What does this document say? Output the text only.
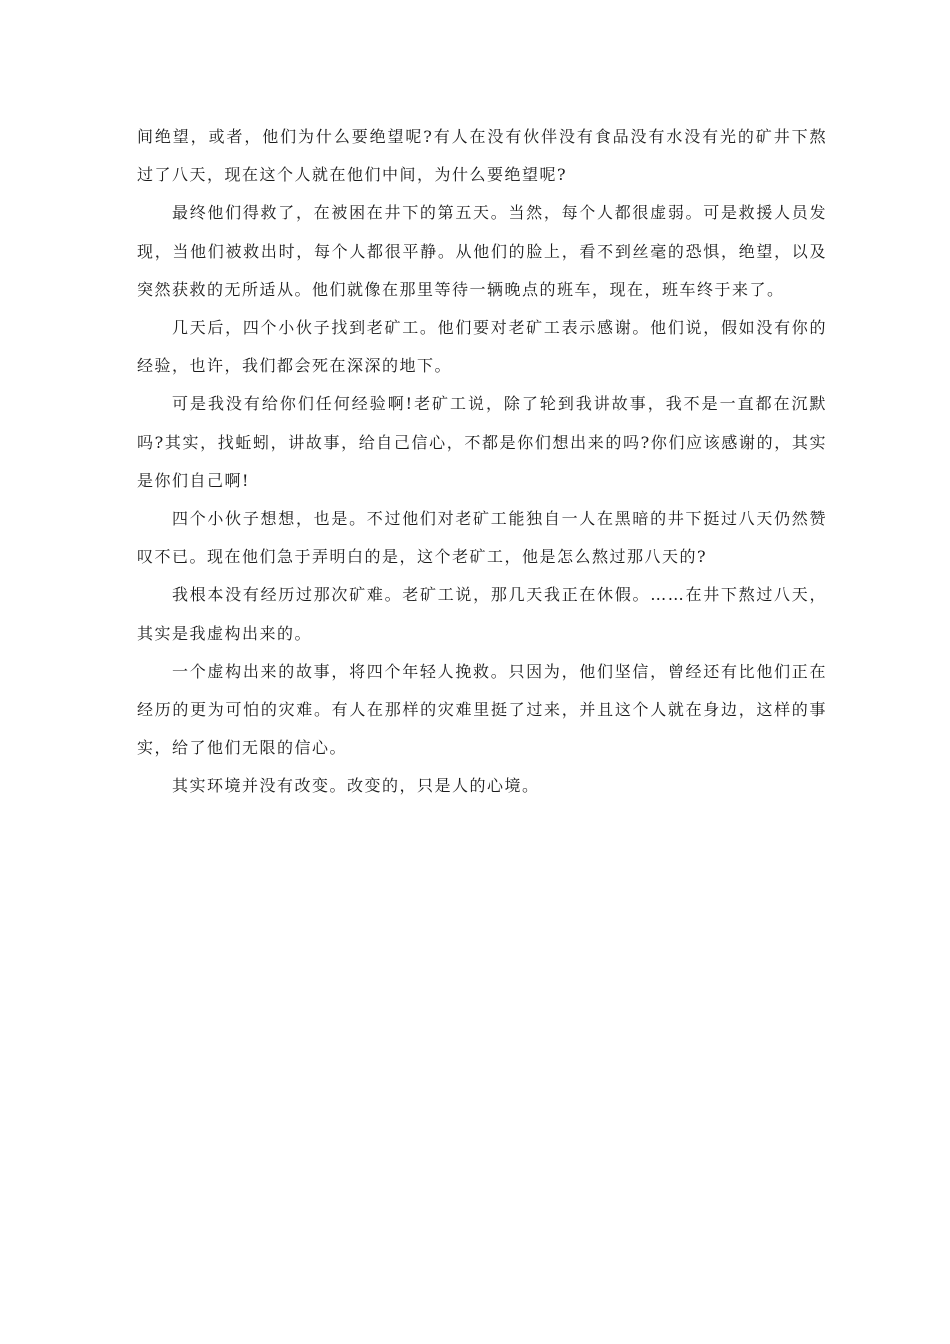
间绝望，或者，他们为什么要绝望呢?有人在没有伙伴没有食品没有水没有光的矿井下熬过了八天，现在这个人就在他们中间，为什么要绝望呢?

最终他们得救了，在被困在井下的第五天。当然，每个人都很虚弱。可是救援人员发现，当他们被救出时，每个人都很平静。从他们的脸上，看不到丝毫的恐惧，绝望，以及突然获救的无所适从。他们就像在那里等待一辆晚点的班车，现在，班车终于来了。

几天后，四个小伙子找到老矿工。他们要对老矿工表示感谢。他们说，假如没有你的经验，也许，我们都会死在深深的地下。

可是我没有给你们任何经验啊!老矿工说，除了轮到我讲故事，我不是一直都在沉默吗?其实，找蚯蚓，讲故事，给自己信心，不都是你们想出来的吗?你们应该感谢的，其实是你们自己啊!

四个小伙子想想，也是。不过他们对老矿工能独自一人在黑暗的井下挺过八天仍然赞叹不已。现在他们急于弄明白的是，这个老矿工，他是怎么熬过那八天的?

我根本没有经历过那次矿难。老矿工说，那几天我正在休假。……在井下熬过八天，其实是我虚构出来的。

一个虚构出来的故事，将四个年轻人挽救。只因为，他们坚信，曾经还有比他们正在经历的更为可怕的灾难。有人在那样的灾难里挺了过来，并且这个人就在身边，这样的事实，给了他们无限的信心。

其实环境并没有改变。改变的，只是人的心境。
